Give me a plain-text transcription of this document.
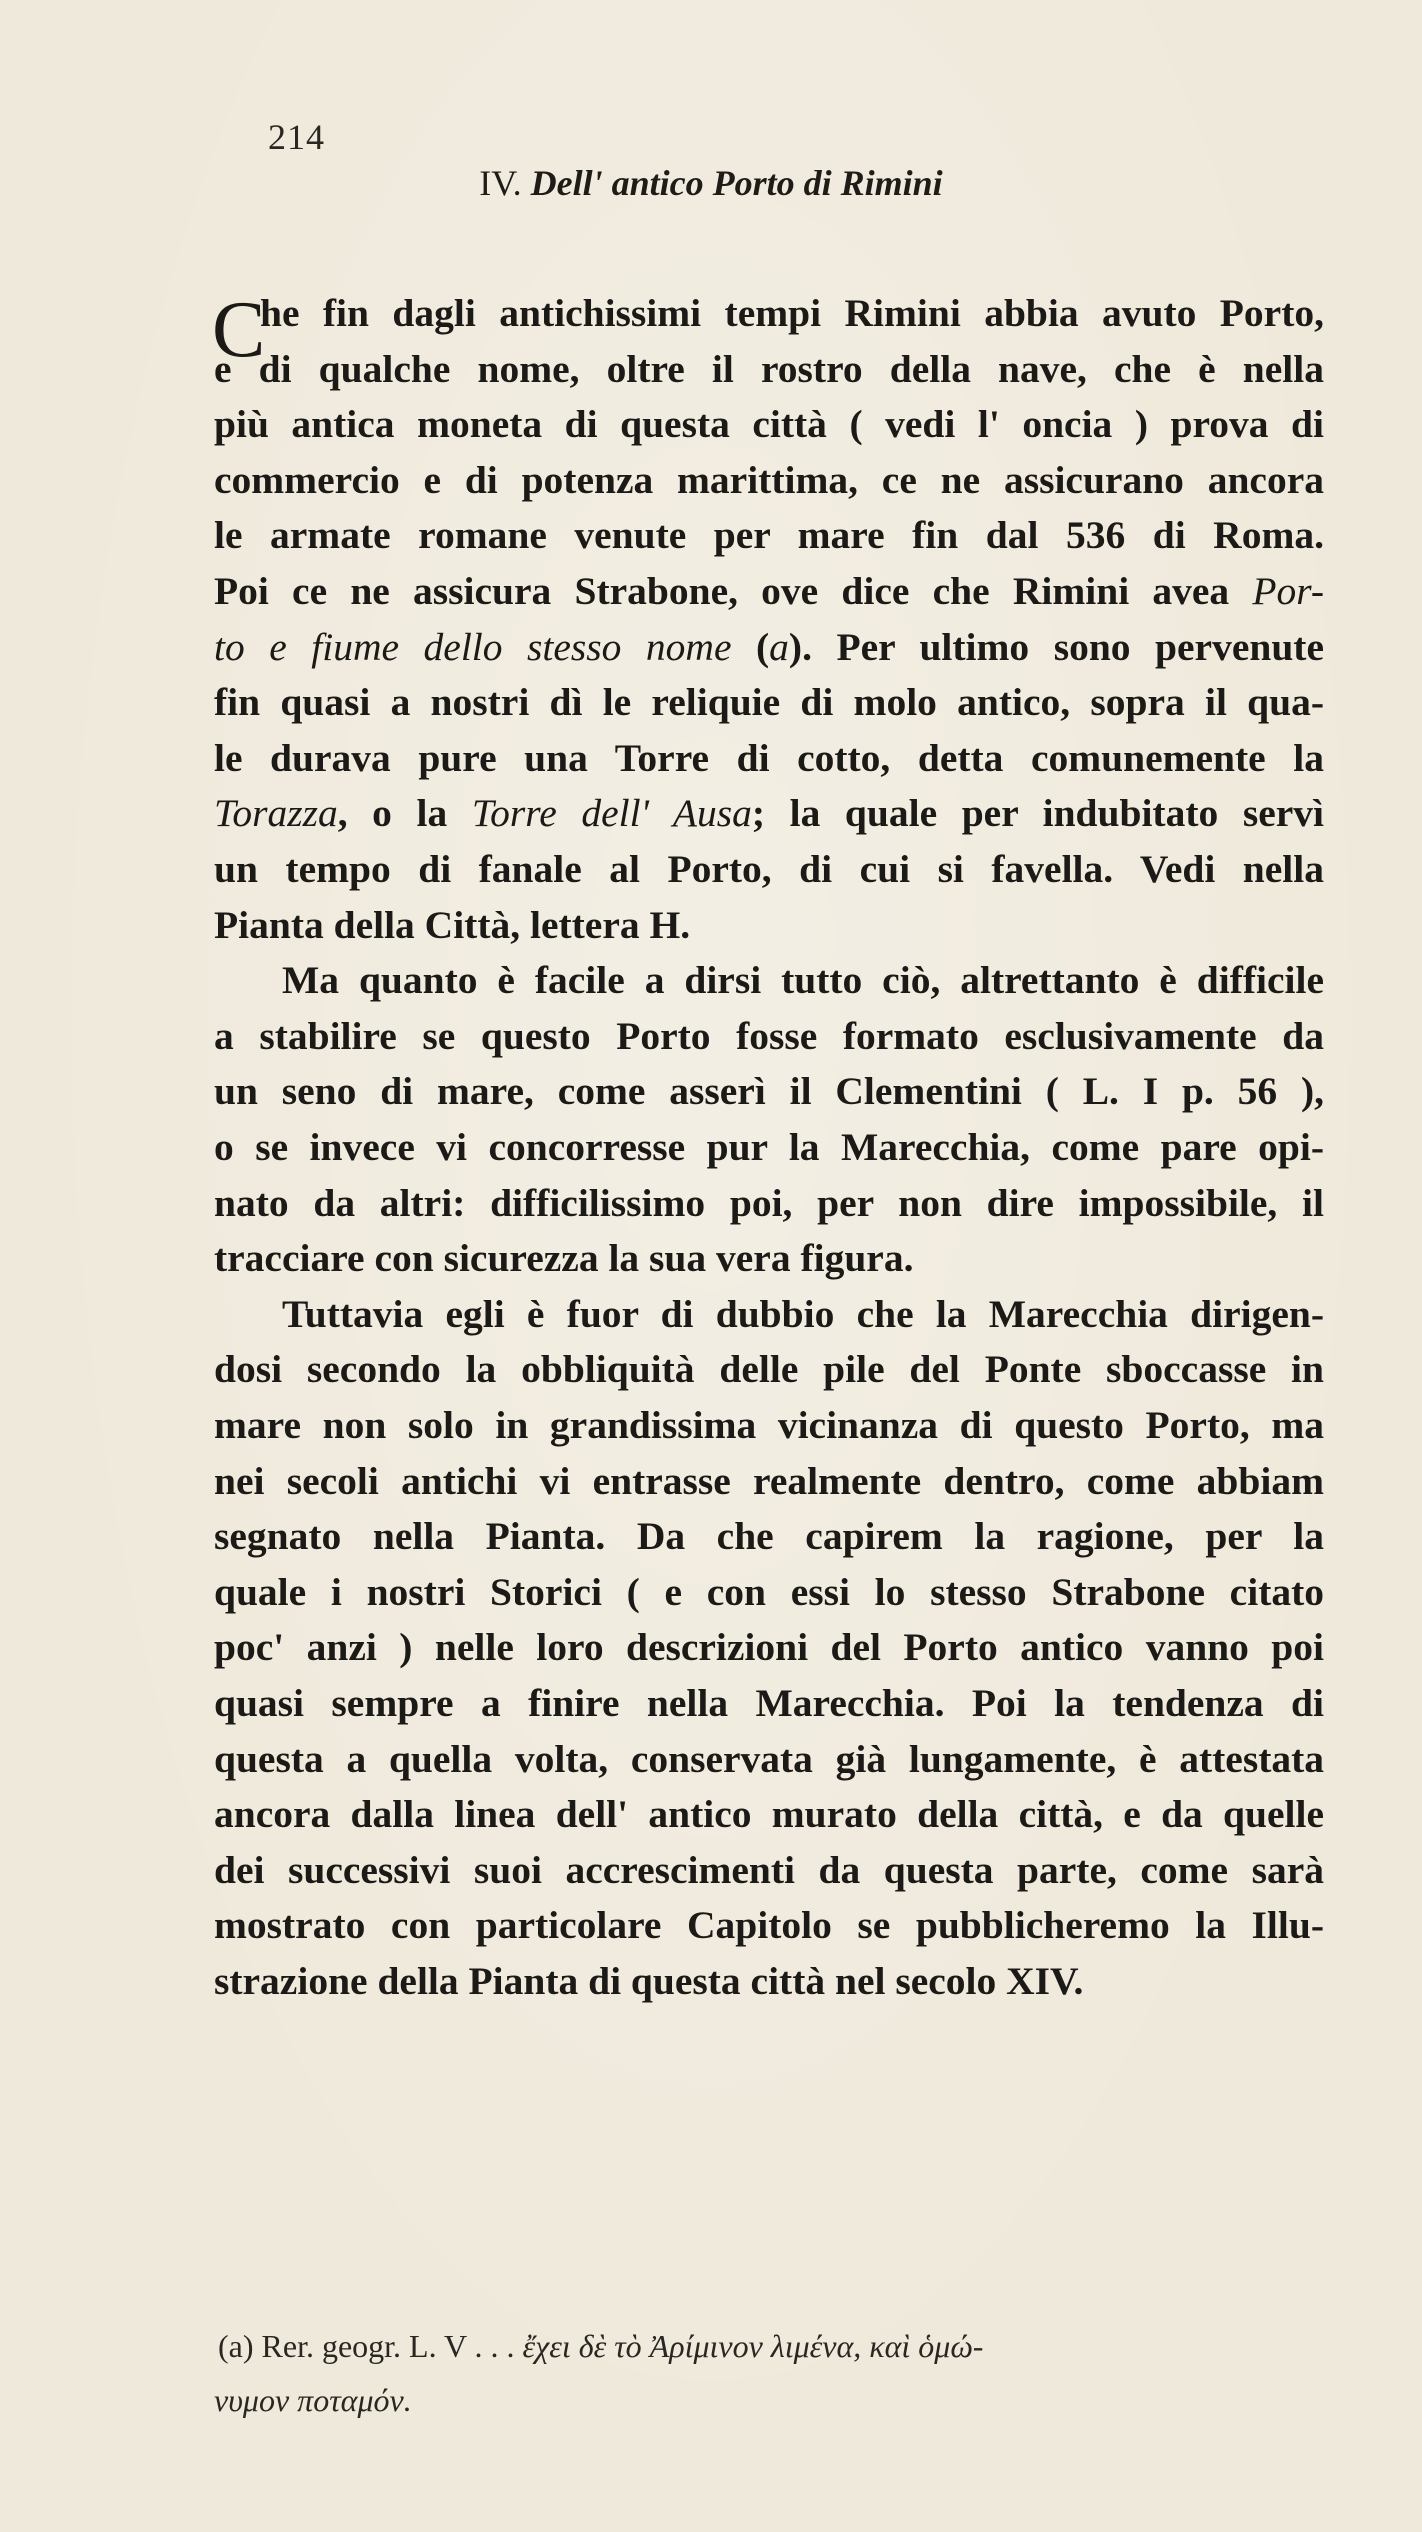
214
IV. Dell' antico Porto di Rimini
C
he fin dagli antichissimi tempi Rimini abbia avuto Porto,
e di qualche nome, oltre il rostro della nave, che è nella
più antica moneta di questa città ( vedi l' oncia ) prova di
commercio e di potenza marittima, ce ne assicurano ancora
le armate romane venute per mare fin dal 536 di Roma.
Poi ce ne assicura Strabone, ove dice che Rimini avea Por-
to e fiume dello stesso nome (a). Per ultimo sono pervenute
fin quasi a nostri dì le reliquie di molo antico, sopra il qua-
le durava pure una Torre di cotto, detta comunemente la
Torazza, o la Torre dell' Ausa; la quale per indubitato servì
un tempo di fanale al Porto, di cui si favella. Vedi nella
Pianta della Città, lettera H.
Ma quanto è facile a dirsi tutto ciò, altrettanto è difficile
a stabilire se questo Porto fosse formato esclusivamente da
un seno di mare, come asserì il Clementini ( L. I p. 56 ),
o se invece vi concorresse pur la Marecchia, come pare opi-
nato da altri: difficilissimo poi, per non dire impossibile, il
tracciare con sicurezza la sua vera figura.
Tuttavia egli è fuor di dubbio che la Marecchia dirigen-
dosi secondo la obbliquità delle pile del Ponte sboccasse in
mare non solo in grandissima vicinanza di questo Porto, ma
nei secoli antichi vi entrasse realmente dentro, come abbiam
segnato nella Pianta. Da che capirem la ragione, per la
quale i nostri Storici ( e con essi lo stesso Strabone citato
poc' anzi ) nelle loro descrizioni del Porto antico vanno poi
quasi sempre a finire nella Marecchia. Poi la tendenza di
questa a quella volta, conservata già lungamente, è attestata
ancora dalla linea dell' antico murato della città, e da quelle
dei successivi suoi accrescimenti da questa parte, come sarà
mostrato con particolare Capitolo se pubblicheremo la Illu-
strazione della Pianta di questa città nel secolo XIV.
(a) Rer. geogr. L. V . . . ἔχει δὲ τὸ Ἀρίμινον λιμένα, καὶ ὁμώ-
νυμον ποταμόν.
